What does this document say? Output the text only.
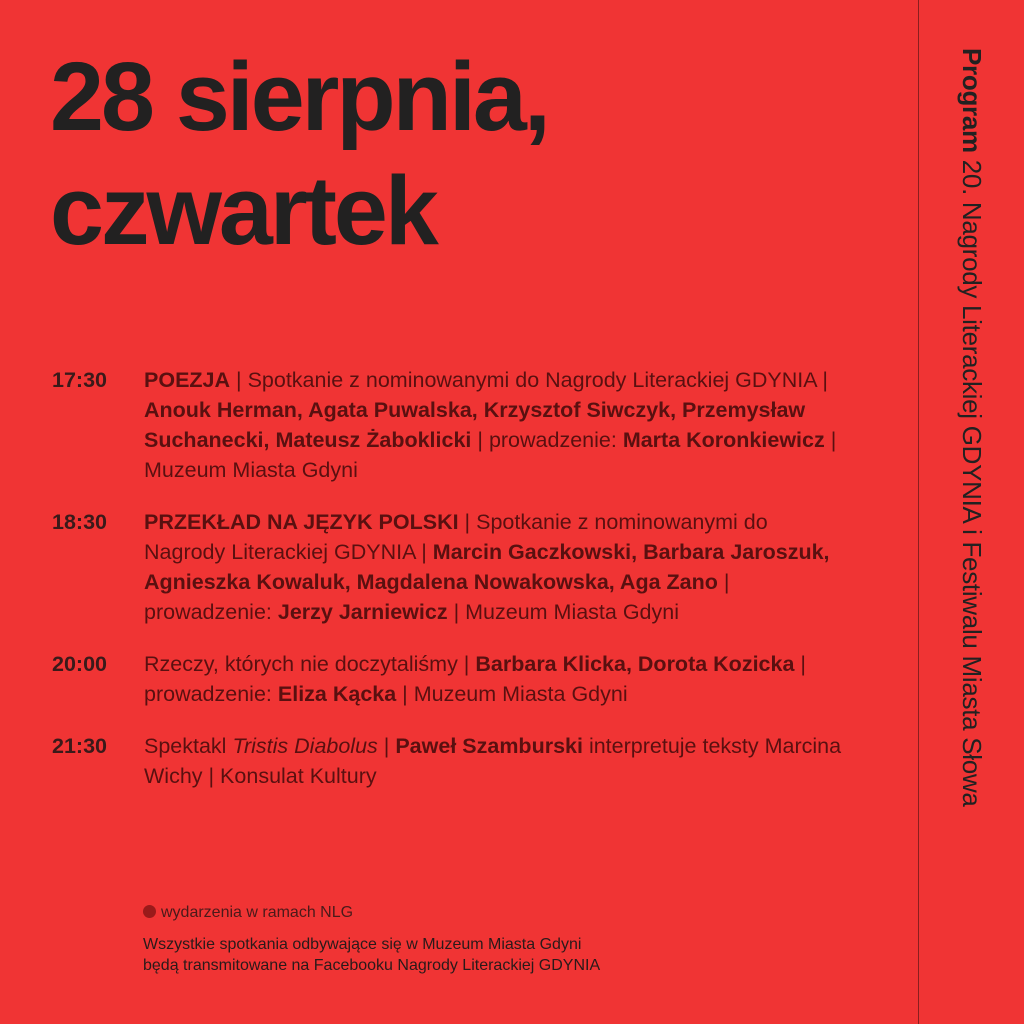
28 sierpnia,
czwartek
17:30 POEZJA | Spotkanie z nominowanymi do Nagrody Literackiej GDYNIA | Anouk Herman, Agata Puwalska, Krzysztof Siwczyk, Przemysław Suchanecki, Mateusz Żaboklicki | prowadzenie: Marta Koronkiewicz | Muzeum Miasta Gdyni
18:30 PRZEKŁAD NA JĘZYK POLSKI | Spotkanie z nominowanymi do Nagrody Literackiej GDYNIA | Marcin Gaczkowski, Barbara Jaroszuk, Agnieszka Kowaluk, Magdalena Nowakowska, Aga Zano | prowadzenie: Jerzy Jarniewicz | Muzeum Miasta Gdyni
20:00 Rzeczy, których nie doczytaliśmy | Barbara Klicka, Dorota Kozicka | prowadzenie: Eliza Kącka | Muzeum Miasta Gdyni
21:30 Spektakl Tristis Diabolus | Paweł Szamburski interpretuje teksty Marcina Wichy | Konsulat Kultury
wydarzenia w ramach NLG
Wszystkie spotkania odbywające się w Muzeum Miasta Gdyni
będą transmitowane na Facebooku Nagrody Literackiej GDYNIA
Program 20. Nagrody Literackiej GDYNIA i Festiwalu Miasta Słowa
